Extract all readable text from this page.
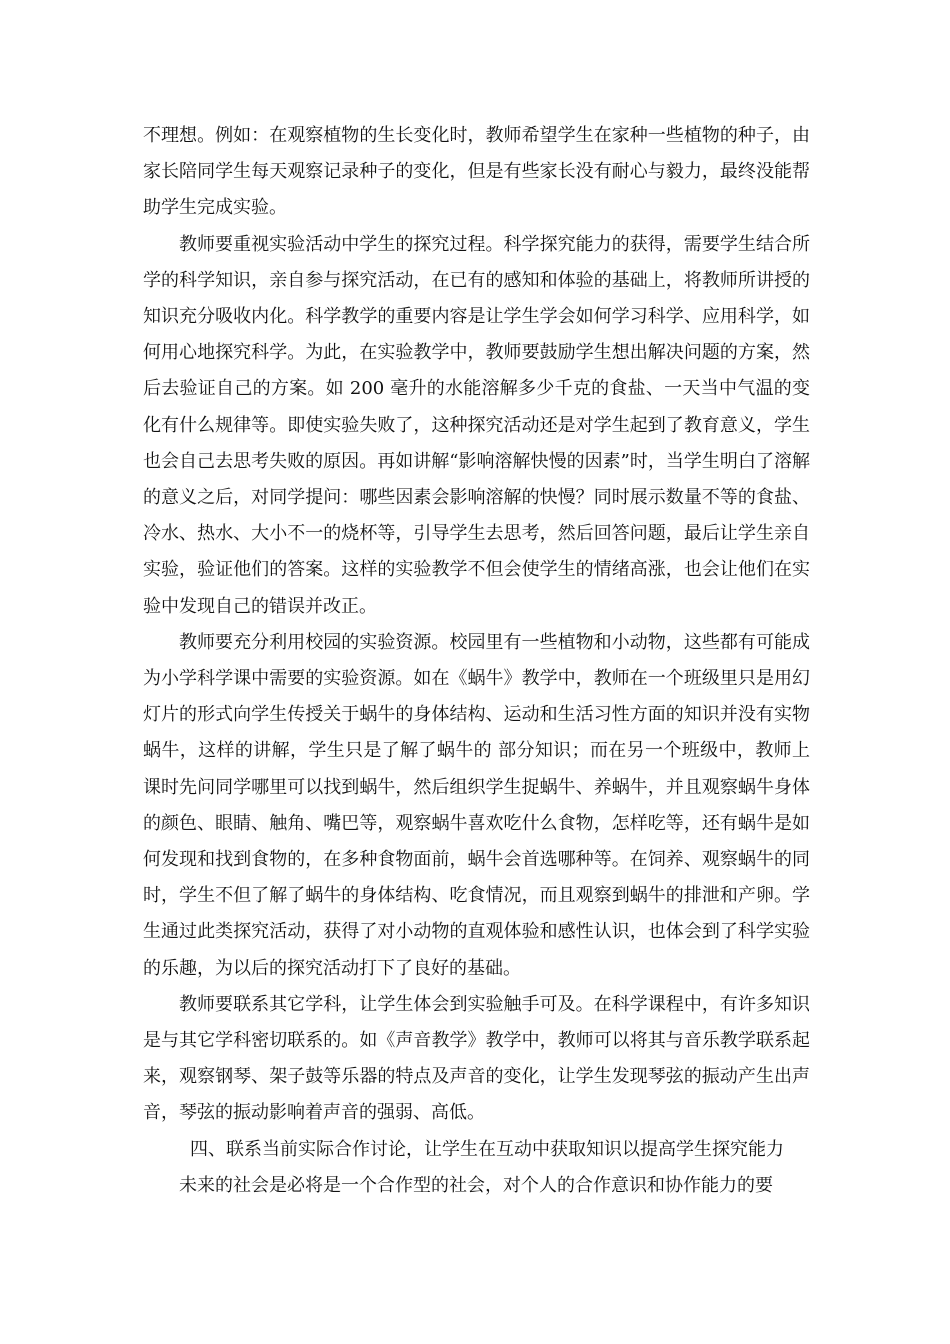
不理想。例如：在观察植物的生长变化时，教师希望学生在家种一些植物的种子，由家长陪同学生每天观察记录种子的变化，但是有些家长没有耐心与毅力，最终没能帮助学生完成实验。

教师要重视实验活动中学生的探究过程。科学探究能力的获得，需要学生结合所学的科学知识，亲自参与探究活动，在已有的感知和体验的基础上，将教师所讲授的知识充分吸收内化。科学教学的重要内容是让学生学会如何学习科学、应用科学，如何用心地探究科学。为此，在实验教学中，教师要鼓励学生想出解决问题的方案，然后去验证自己的方案。如 200 毫升的水能溶解多少千克的食盐、一天当中气温的变化有什么规律等。即使实验失败了，这种探究活动还是对学生起到了教育意义，学生也会自己去思考失败的原因。再如讲解“影响溶解快慢的因素”时，当学生明白了溶解的意义之后，对同学提问：哪些因素会影响溶解的快慢？同时展示数量不等的食盐、冷水、热水、大小不一的烧杯等，引导学生去思考，然后回答问题，最后让学生亲自实验，验证他们的答案。这样的实验教学不但会使学生的情绪高涨，也会让他们在实验中发现自己的错误并改正。

教师要充分利用校园的实验资源。校园里有一些植物和小动物，这些都有可能成为小学科学课中需要的实验资源。如在《蜗牛》教学中，教师在一个班级里只是用幻灯片的形式向学生传授关于蜗牛的身体结构、运动和生活习性方面的知识并没有实物蜗牛，这样的讲解，学生只是了解了蜗牛的 部分知识；而在另一个班级中，教师上课时先问同学哪里可以找到蜗牛，然后组织学生捉蜗牛、养蜗牛，并且观察蜗牛身体的颜色、眼睛、触角、嘴巴等，观察蜗牛喜欢吃什么食物，怎样吃等，还有蜗牛是如何发现和找到食物的，在多种食物面前，蜗牛会首选哪种等。在饲养、观察蜗牛的同时，学生不但了解了蜗牛的身体结构、吃食情况，而且观察到蜗牛的排泄和产卵。学生通过此类探究活动，获得了对小动物的直观体验和感性认识，也体会到了科学实验的乐趣，为以后的探究活动打下了良好的基础。

教师要联系其它学科，让学生体会到实验触手可及。在科学课程中，有许多知识是与其它学科密切联系的。如《声音教学》教学中，教师可以将其与音乐教学联系起来，观察钢琴、架子鼓等乐器的特点及声音的变化，让学生发现琴弦的振动产生出声音，琴弦的振动影响着声音的强弱、高低。

四、联系当前实际合作讨论，让学生在互动中获取知识以提高学生探究能力

未来的社会是必将是一个合作型的社会，对个人的合作意识和协作能力的要
